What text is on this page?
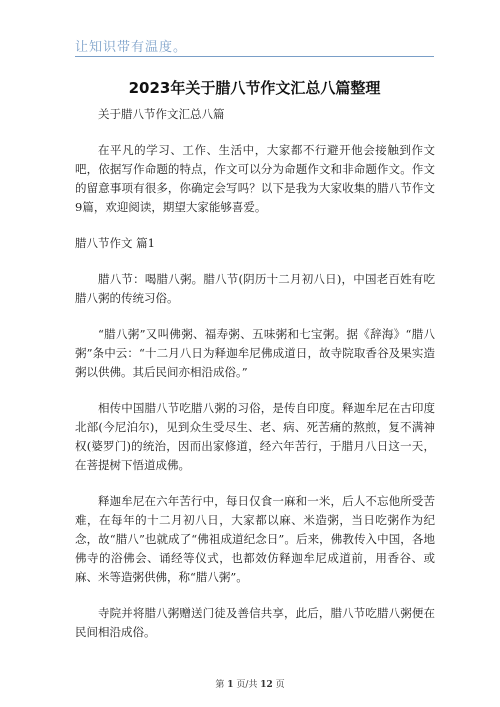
让知识带有温度。
2023年关于腊八节作文汇总八篇整理

关于腊八节作文汇总八篇

在平凡的学习、工作、生活中，大家都不行避开他会接触到作文吧，依据写作命题的特点，作文可以分为命题作文和非命题作文。作文的留意事项有很多，你确定会写吗？以下是我为大家收集的腊八节作文9篇，欢迎阅读，期望大家能够喜爱。

腊八节作文 篇1

腊八节：喝腊八粥。腊八节(阴历十二月初八日)，中国老百姓有吃腊八粥的传统习俗。

“腊八粥”又叫佛粥、福寿粥、五味粥和七宝粥。据《辞海》“腊八粥”条中云：“十二月八日为释迦牟尼佛成道日，故寺院取香谷及果实造粥以供佛。其后民间亦相沿成俗。”

相传中国腊八节吃腊八粥的习俗，是传自印度。释迦牟尼在古印度北部(今尼泊尔)，见到众生受尽生、老、病、死苦痛的熬煎，复不满神权(婆罗门)的统治，因而出家修道，经六年苦行，于腊月八日这一天，在菩提树下悟道成佛。

释迦牟尼在六年苦行中，每日仅食一麻和一米，后人不忘他所受苦难，在每年的十二月初八日，大家都以麻、米造粥，当日吃粥作为纪念，故“腊八”也就成了“佛祖成道纪念日”。后来，佛教传入中国，各地佛寺的浴佛会、诵经等仪式，也都效仿释迦牟尼成道前，用香谷、或麻、米等造粥供佛，称“腊八粥”。

寺院并将腊八粥赠送门徒及善信共享，此后，腊八节吃腊八粥便在民间相沿成俗。

第 1 页/共 12 页
